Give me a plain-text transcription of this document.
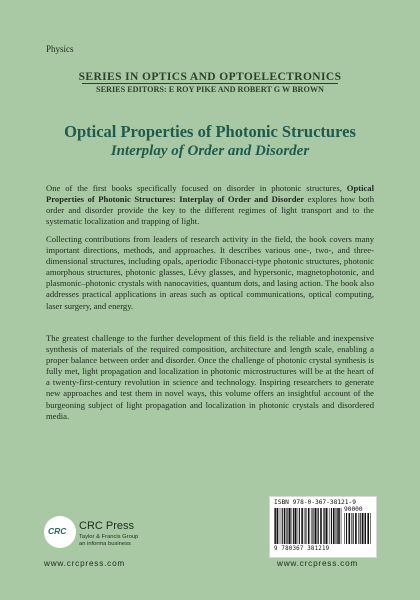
Physics
SERIES IN OPTICS AND OPTOELECTRONICS
SERIES EDITORS: E ROY PIKE AND ROBERT G W BROWN
Optical Properties of Photonic Structures
Interplay of Order and Disorder
One of the first books specifically focused on disorder in photonic structures, Optical Properties of Photonic Structures: Interplay of Order and Disorder explores how both order and disorder provide the key to the different regimes of light transport and to the systematic localization and trapping of light.
Collecting contributions from leaders of research activity in the field, the book covers many important directions, methods, and approaches. It describes various one-, two-, and three-dimensional structures, including opals, aperiodic Fibonacci-type photonic structures, photonic amorphous structures, photonic glasses, Lévy glasses, and hypersonic, magnetophotonic, and plasmonic–photonic crystals with nanocavities, quantum dots, and lasing action. The book also addresses practical applications in areas such as optical communications, optical computing, laser surgery, and energy.
The greatest challenge to the further development of this field is the reliable and inexpensive synthesis of materials of the required composition, architecture and length scale, enabling a proper balance between order and disorder. Once the challenge of photonic crystal synthesis is fully met, light propagation and localization in photonic microstructures will be at the heart of a twenty-first-century revolution in science and technology. Inspiring researchers to generate new approaches and test them in novel ways, this volume offers an insightful account of the burgeoning subject of light propagation and localization in photonic crystals and disordered media.
ISBN 978-0-367-38121-9
90000
9 780367 381219
CRC CRC Press
Taylor & Francis Group
an informa business
www.crcpress.com	www.crcpress.com
